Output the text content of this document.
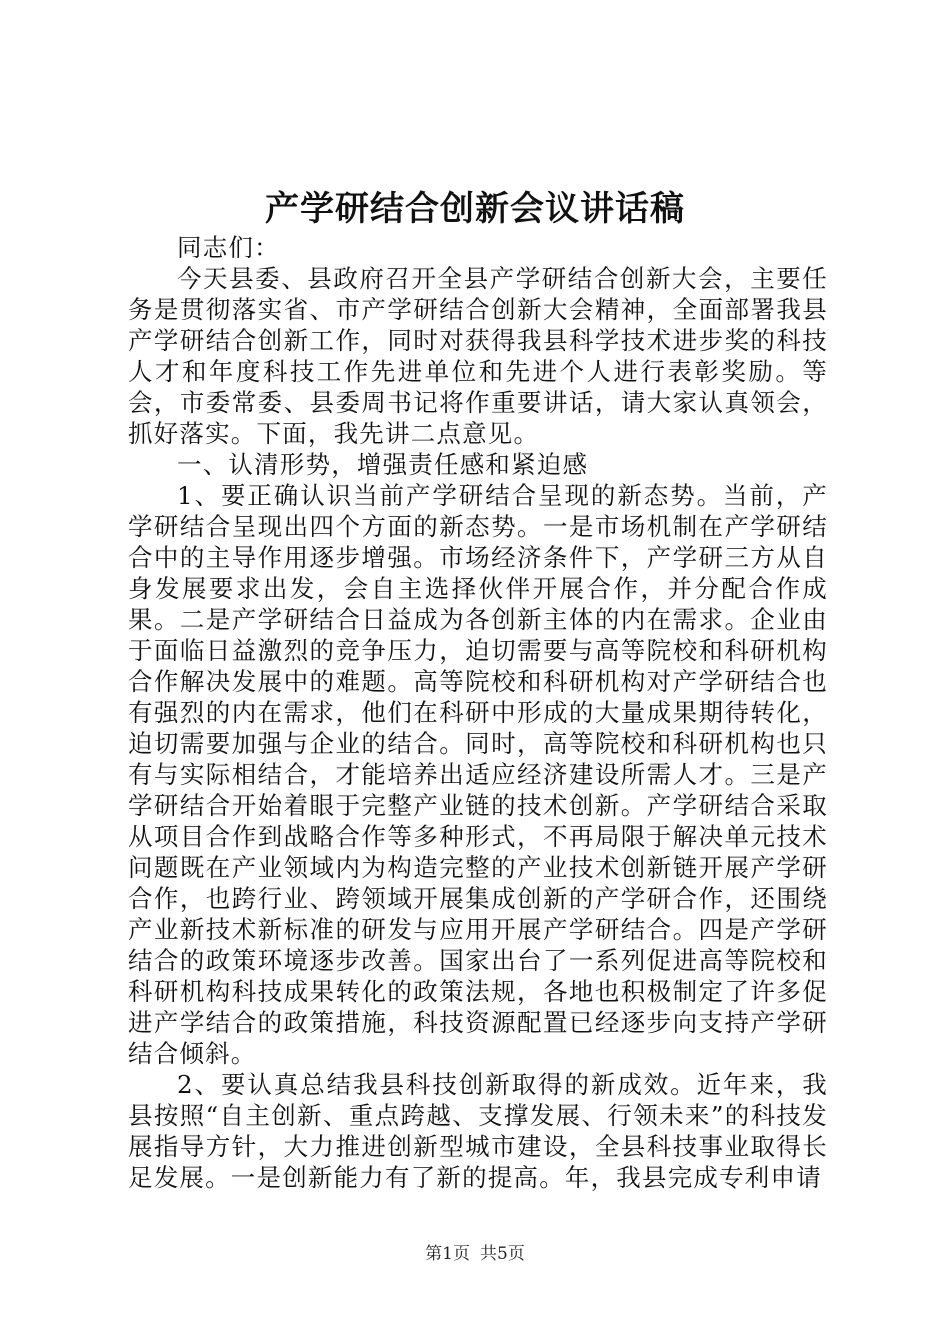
产学研结合创新会议讲话稿

同志们：

今天县委、县政府召开全县产学研结合创新大会，主要任务是贯彻落实省、市产学研结合创新大会精神，全面部署我县产学研结合创新工作，同时对获得我县科学技术进步奖的科技人才和年度科技工作先进单位和先进个人进行表彰奖励。等会，市委常委、县委周书记将作重要讲话，请大家认真领会，抓好落实。下面，我先讲二点意见。

一、认清形势，增强责任感和紧迫感

1、要正确认识当前产学研结合呈现的新态势。当前，产学研结合呈现出四个方面的新态势。一是市场机制在产学研结合中的主导作用逐步增强。市场经济条件下，产学研三方从自身发展要求出发，会自主选择伙伴开展合作，并分配合作成果。二是产学研结合日益成为各创新主体的内在需求。企业由于面临日益激烈的竞争压力，迫切需要与高等院校和科研机构合作解决发展中的难题。高等院校和科研机构对产学研结合也有强烈的内在需求，他们在科研中形成的大量成果期待转化，迫切需要加强与企业的结合。同时，高等院校和科研机构也只有与实际相结合，才能培养出适应经济建设所需人才。三是产学研结合开始着眼于完整产业链的技术创新。产学研结合采取从项目合作到战略合作等多种形式，不再局限于解决单元技术问题既在产业领域内为构造完整的产业技术创新链开展产学研合作，也跨行业、跨领域开展集成创新的产学研合作，还围绕产业新技术新标准的研发与应用开展产学研结合。四是产学研结合的政策环境逐步改善。国家出台了一系列促进高等院校和科研机构科技成果转化的政策法规，各地也积极制定了许多促进产学结合的政策措施，科技资源配置已经逐步向支持产学研结合倾斜。

2、要认真总结我县科技创新取得的新成效。近年来，我县按照“自主创新、重点跨越、支撑发展、行领未来”的科技发展指导方针，大力推进创新型城市建设，全县科技事业取得长足发展。一是创新能力有了新的提高。年，我县完成专利申请

第1页 共5页
